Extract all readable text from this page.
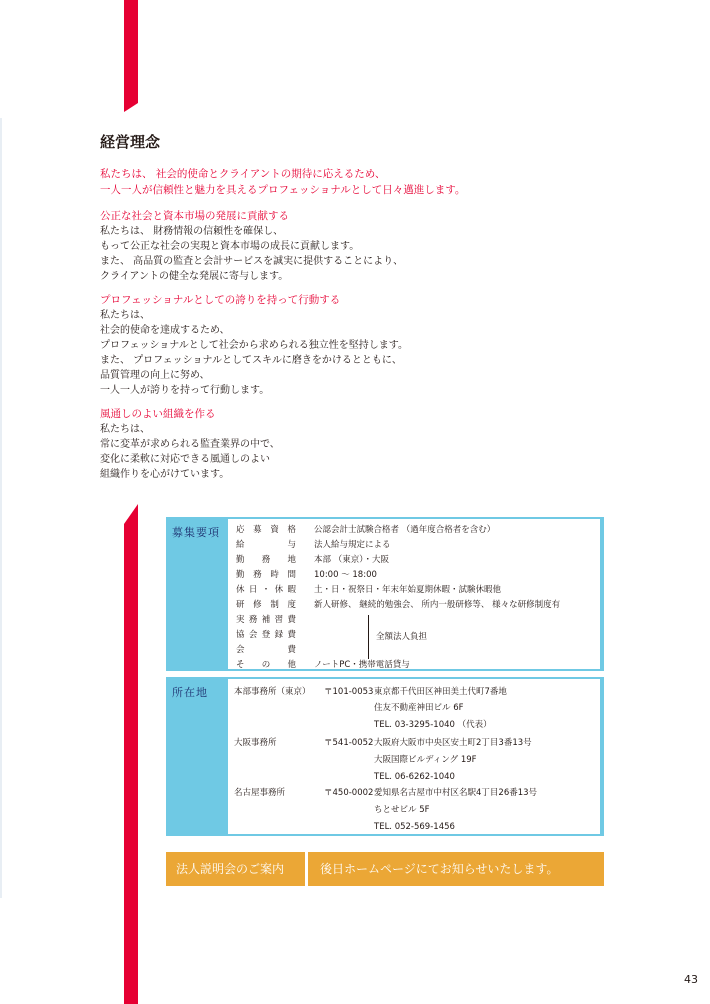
経営理念

私たちは、 社会的使命とクライアントの期待に応えるため、

一人一人が信頼性と魅力を具えるプロフェッショナルとして日々邁進します。

公正な社会と資本市場の発展に貢献する

私たちは、 財務情報の信頼性を確保し、

もって公正な社会の実現と資本市場の成長に貢献します。

また、 高品質の監査と会計サービスを誠実に提供することにより、

クライアントの健全な発展に寄与します。

プロフェッショナルとしての誇りを持って行動する

私たちは、

社会的使命を達成するため、

プロフェッショナルとして社会から求められる独立性を堅持します。

また、 プロフェッショナルとしてスキルに磨きをかけるとともに、

品質管理の向上に努め、

一人一人が誇りを持って行動します。

風通しのよい組織を作る

私たちは、

常に変革が求められる監査業界の中で、

変化に柔軟に対応できる風通しのよい

組織作りを心がけています。

募集要項	応募資格 公認会計士試験合格者 （過年度合格者を含む）
給与 法人給与規定による
勤務地 本部 （東京）・大阪
勤務時間 10:00 〜 18:00
休日・休暇 土・日・祝祭日・年末年始夏期休暇・試験休暇他
研修制度 新人研修、 継続的勉強会、 所内一般研修等、 様々な研修制度有
実務補習費
協会登録費
会費
全額法人負担
その他 ノートPC・携帯電話貸与
所在地	本部事務所（東京） 〒101-0053 東京都千代田区神田美土代町7番地
住友不動産神田ビル 6F
TEL. 03-3295-1040 （代表）
大阪事務所	〒541-0052 大阪府大阪市中央区安土町2丁目3番13号
大阪国際ビルディング 19F
TEL. 06-6262-1040
名古屋事務所	〒450-0002 愛知県名古屋市中村区名駅4丁目26番13号
ちとせビル 5F
TEL. 052-569-1456
法人説明会のご案内	後日ホームページにてお知らせいたします。
43
